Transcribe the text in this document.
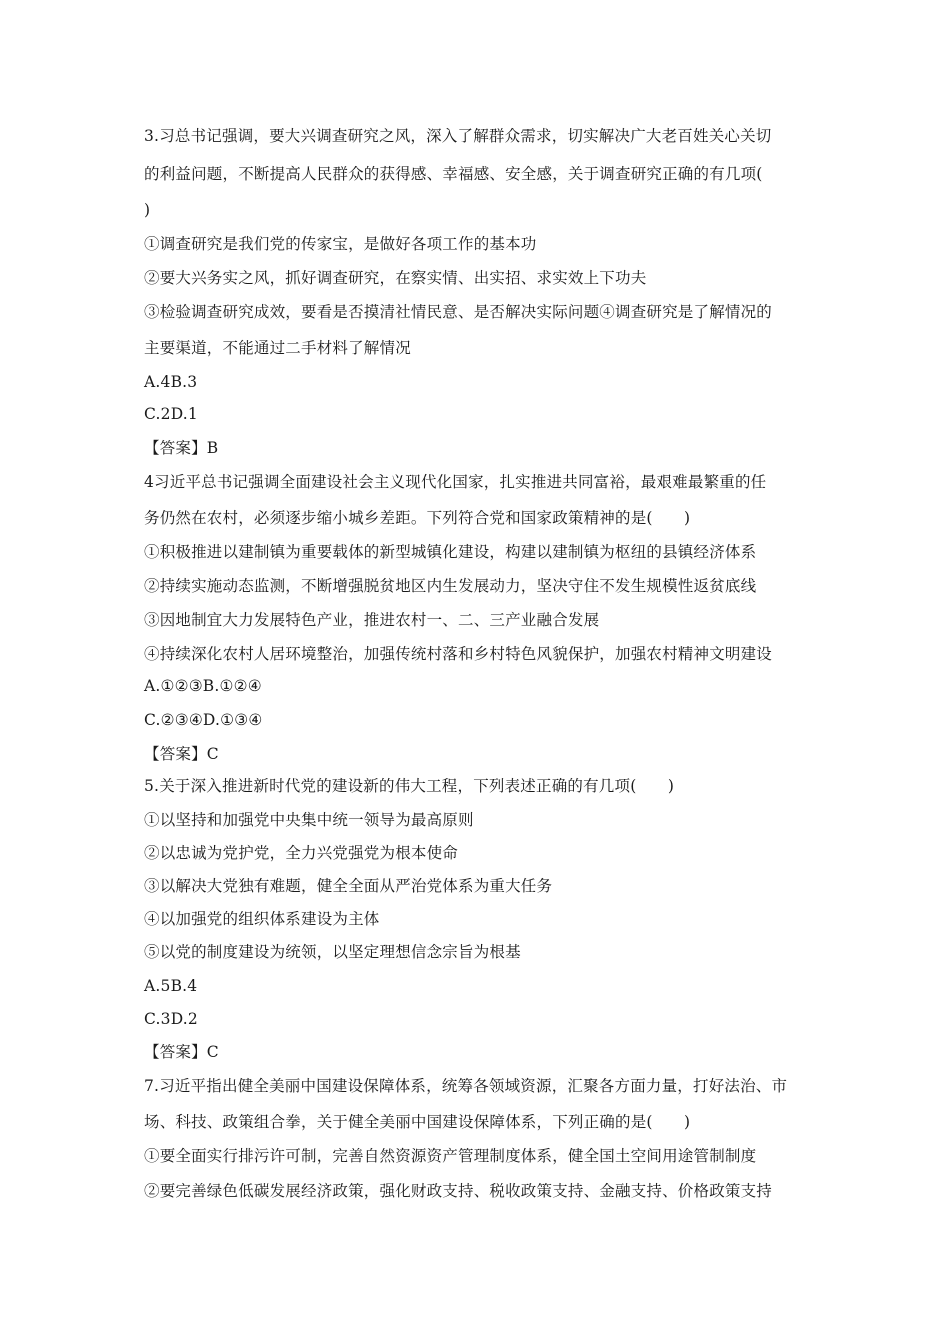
3.习总书记强调，要大兴调查研究之风，深入了解群众需求，切实解决广大老百姓关心关切
的利益问题，不断提高人民群众的获得感、幸福感、安全感，关于调查研究正确的有几项(
)
①调查研究是我们党的传家宝，是做好各项工作的基本功
②要大兴务实之风，抓好调查研究，在察实情、出实招、求实效上下功夫
③检验调查研究成效，要看是否摸清社情民意、是否解决实际问题④调查研究是了解情况的
主要渠道，不能通过二手材料了解情况
A.4B.3
C.2D.1
【答案】B
4习近平总书记强调全面建设社会主义现代化国家，扎实推进共同富裕，最艰难最繁重的任
务仍然在农村，必须逐步缩小城乡差距。下列符合党和国家政策精神的是(　　)
①积极推进以建制镇为重要载体的新型城镇化建设，构建以建制镇为枢纽的县镇经济体系
②持续实施动态监测，不断增强脱贫地区内生发展动力，坚决守住不发生规模性返贫底线
③因地制宜大力发展特色产业，推进农村一、二、三产业融合发展
④持续深化农村人居环境整治，加强传统村落和乡村特色风貌保护，加强农村精神文明建设
A.①②③B.①②④
C.②③④D.①③④
【答案】C
5.关于深入推进新时代党的建设新的伟大工程，下列表述正确的有几项(　　)
①以坚持和加强党中央集中统一领导为最高原则
②以忠诚为党护党，全力兴党强党为根本使命
③以解决大党独有难题，健全全面从严治党体系为重大任务
④以加强党的组织体系建设为主体
⑤以党的制度建设为统领，以坚定理想信念宗旨为根基
A.5B.4
C.3D.2
【答案】C
7.习近平指出健全美丽中国建设保障体系，统筹各领域资源，汇聚各方面力量，打好法治、市
场、科技、政策组合拳，关于健全美丽中国建设保障体系，下列正确的是(　　)
①要全面实行排污许可制，完善自然资源资产管理制度体系，健全国土空间用途管制制度
②要完善绿色低碳发展经济政策，强化财政支持、税收政策支持、金融支持、价格政策支持
